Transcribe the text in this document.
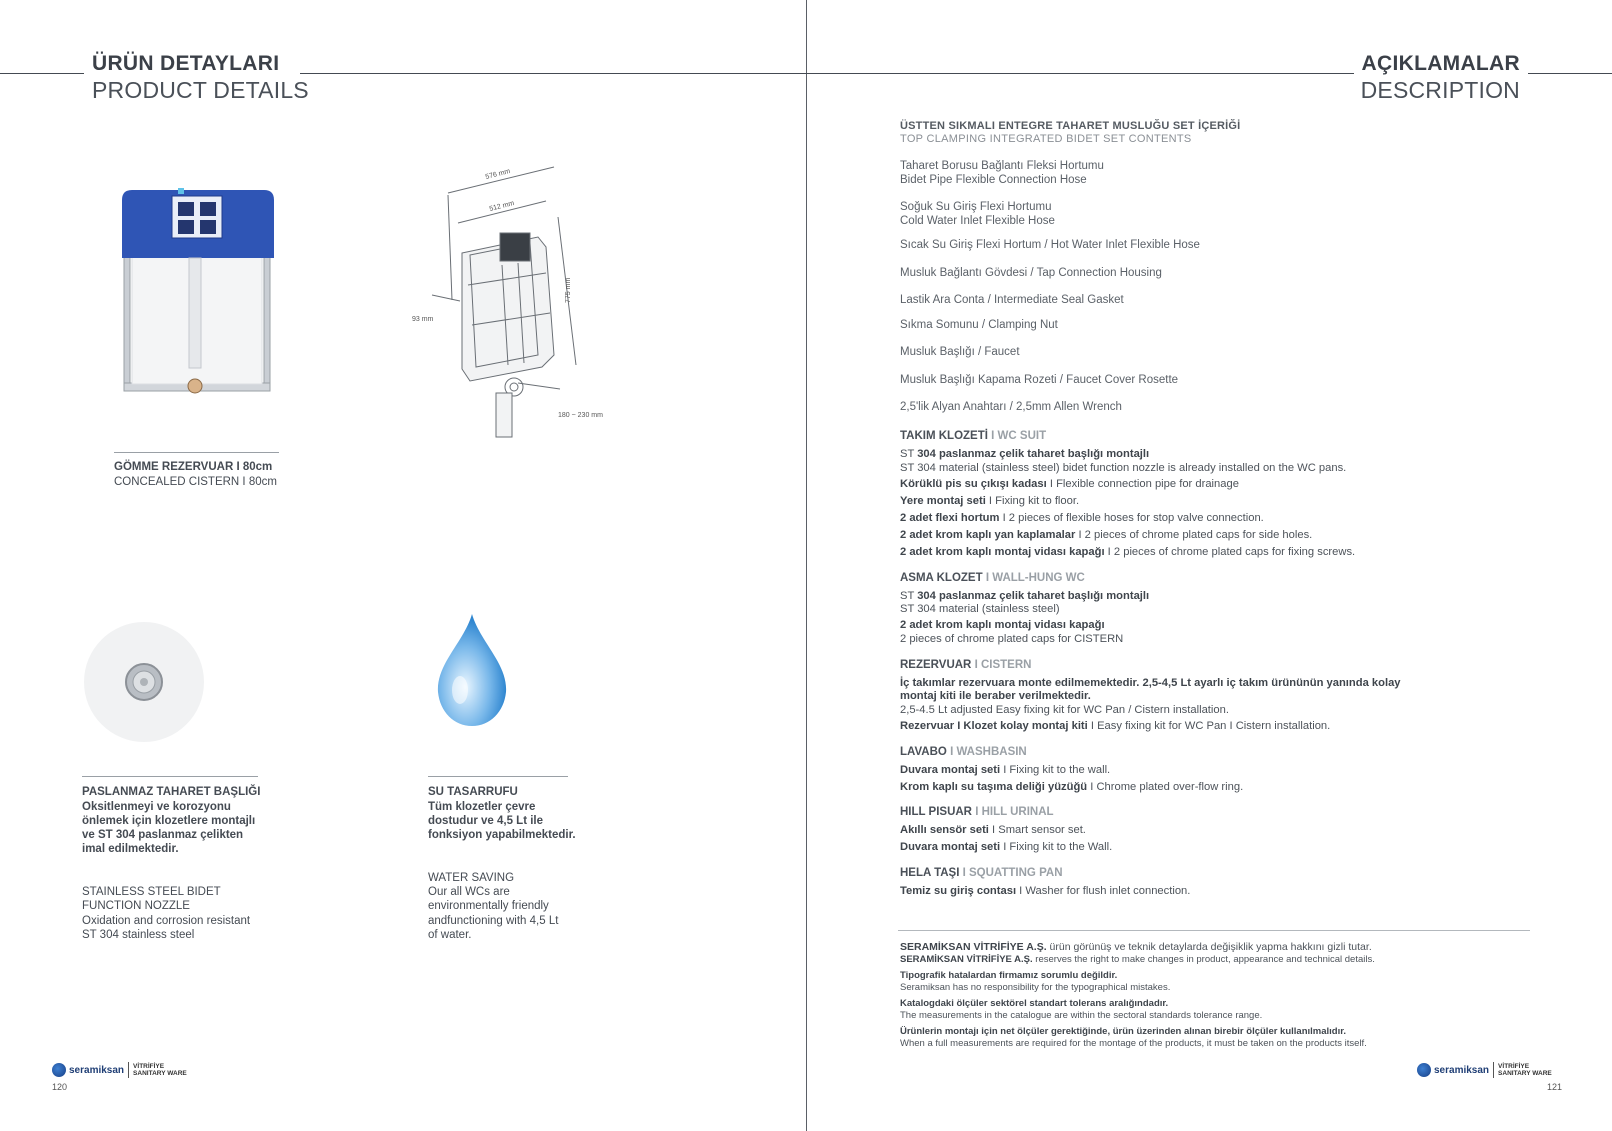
ÜRÜN DETAYLARI
PRODUCT DETAILS
AÇIKLAMALAR
DESCRIPTION
GÖMME REZERVUAR I 80cm
CONCEALED CISTERN I 80cm
576 mm
512 mm
775 mm
93 mm
180 ~ 230 mm
PASLANMAZ TAHARET BAŞLIĞI
Oksitlenmeyi ve korozyonu
önlemek için klozetlere montajlı
ve ST 304 paslanmaz çelikten
imal edilmektedir.
STAINLESS STEEL BIDET
FUNCTION NOZZLE
Oxidation and corrosion resistant
ST 304 stainless steel
SU TASARRUFU
Tüm klozetler çevre
dostudur ve 4,5 Lt ile
fonksiyon yapabilmektedir.
WATER SAVING
Our all WCs are
environmentally friendly
andfunctioning with 4,5 Lt
of water.
seramiksan VİTRİFİYE
SANITARY WARE
120
ÜSTTEN SIKMALI ENTEGRE TAHARET MUSLUĞU SET İÇERİĞİ
TOP CLAMPING INTEGRATED BIDET SET CONTENTS
Taharet Borusu Bağlantı Fleksi Hortumu
Bidet Pipe Flexible Connection Hose
Soğuk Su Giriş Flexi Hortumu
Cold Water Inlet Flexible Hose
Sıcak Su Giriş Flexi Hortum / Hot Water Inlet Flexible Hose
Musluk Bağlantı Gövdesi / Tap Connection Housing
Lastik Ara Conta / Intermediate Seal Gasket
Sıkma Somunu / Clamping Nut
Musluk Başlığı / Faucet
Musluk Başlığı Kapama Rozeti / Faucet Cover Rosette
2,5'lik Alyan Anahtarı / 2,5mm Allen Wrench
TAKIM KLOZETİ I WC SUIT
ST 304 paslanmaz çelik taharet başlığı montajlı
ST 304 material (stainless steel) bidet function nozzle is already installed on the WC pans.
Körüklü pis su çıkışı kadası I Flexible connection pipe for drainage
Yere montaj seti I Fixing kit to floor.
2 adet flexi hortum I 2 pieces of flexible hoses for stop valve connection.
2 adet krom kaplı yan kaplamalar I 2 pieces of chrome plated caps for side holes.
2 adet krom kaplı montaj vidası kapağı I 2 pieces of chrome plated caps for fixing screws.
ASMA KLOZET I WALL-HUNG WC
ST 304 paslanmaz çelik taharet başlığı montajlı
ST 304 material (stainless steel)
2 adet krom kaplı montaj vidası kapağı
2 pieces of chrome plated caps for CISTERN
REZERVUAR I CISTERN
İç takımlar rezervuara monte edilmemektedir. 2,5-4,5 Lt ayarlı iç takım ürününün yanında kolay
montaj kiti ile beraber verilmektedir.
2,5-4.5 Lt adjusted Easy fixing kit for WC Pan / Cistern installation.
Rezervuar I Klozet kolay montaj kiti I Easy fixing kit for WC Pan I Cistern installation.
LAVABO I WASHBASIN
Duvara montaj seti I Fixing kit to the wall.
Krom kaplı su taşıma deliği yüzüğü I Chrome plated over-flow ring.
HILL PISUAR I HILL URINAL
Akıllı sensör seti I Smart sensor set.
Duvara montaj seti I Fixing kit to the Wall.
HELA TAŞI I SQUATTING PAN
Temiz su giriş contası I Washer for flush inlet connection.
SERAMİKSAN VİTRİFİYE A.Ş. ürün görünüş ve teknik detaylarda değişiklik yapma hakkını gizli tutar.
SERAMİKSAN VİTRİFİYE A.Ş. reserves the right to make changes in product, appearance and technical details.
Tipografik hatalardan firmamız sorumlu değildir.
Seramiksan has no responsibility for the typographical mistakes.
Katalogdaki ölçüler sektörel standart tolerans aralığındadır.
The measurements in the catalogue are within the sectoral standards tolerance range.
Ürünlerin montajı için net ölçüler gerektiğinde, ürün üzerinden alınan birebir ölçüler kullanılmalıdır.
When a full measurements are required for the montage of the products, it must be taken on the products itself.
seramiksan VİTRİFİYE
SANITARY WARE
121
